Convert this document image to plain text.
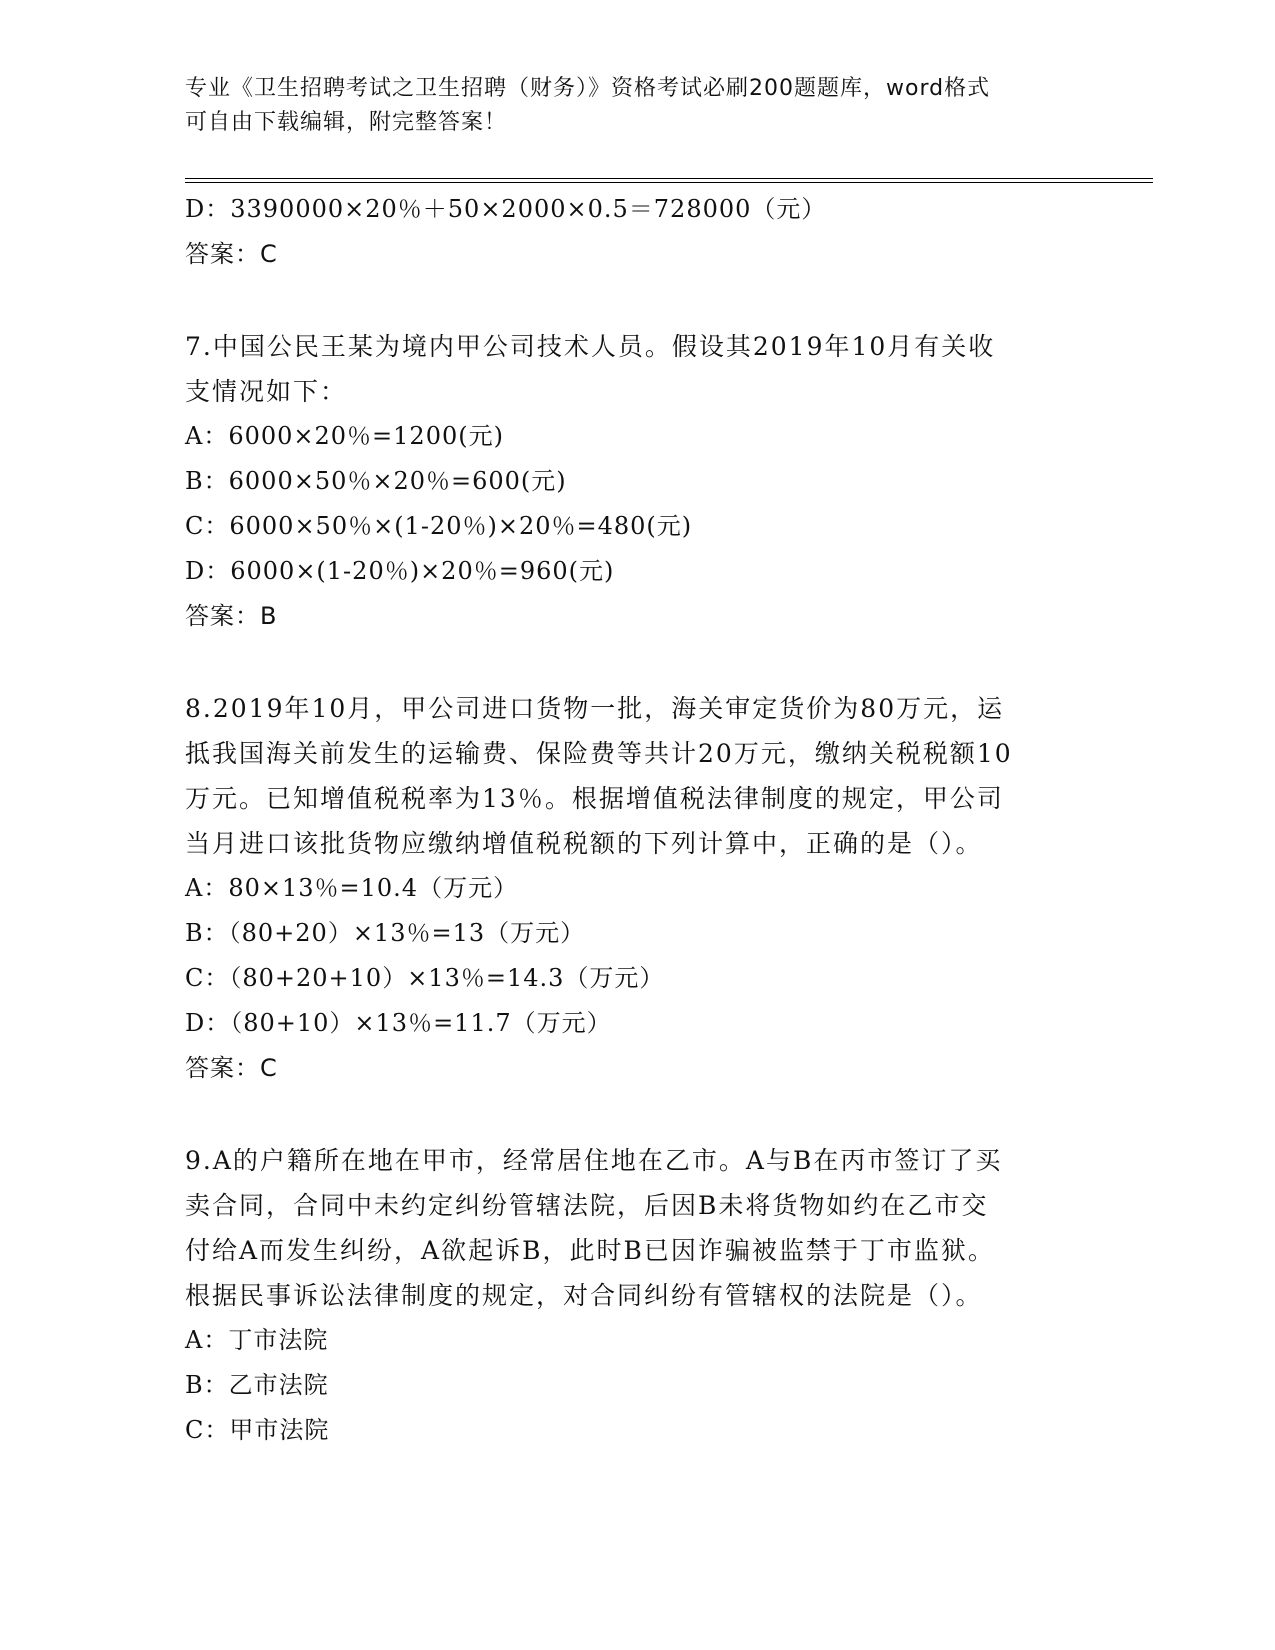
专业《卫生招聘考试之卫生招聘（财务）》资格考试必刷200题题库，word格式
可自由下载编辑，附完整答案！
D：3390000×20％＋50×2000×0.5＝728000（元）
答案：C
7.中国公民王某为境内甲公司技术人员。假设其2019年10月有关收
支情况如下：
A：6000×20％=1200(元)
B：6000×50％×20％=600(元)
C：6000×50％×(1-20％)×20％=480(元)
D：6000×(1-20％)×20％=960(元)
答案：B
8.2019年10月，甲公司进口货物一批，海关审定货价为80万元，运
抵我国海关前发生的运输费、保险费等共计20万元，缴纳关税税额10
万元。已知增值税税率为13％。根据增值税法律制度的规定，甲公司
当月进口该批货物应缴纳增值税税额的下列计算中，正确的是（）。
A：80×13％=10.4（万元）
B：（80+20）×13％=13（万元）
C：（80+20+10）×13％=14.3（万元）
D：（80+10）×13％=11.7（万元）
答案：C
9.A的户籍所在地在甲市，经常居住地在乙市。A与B在丙市签订了买
卖合同，合同中未约定纠纷管辖法院，后因B未将货物如约在乙市交
付给A而发生纠纷，A欲起诉B，此时B已因诈骗被监禁于丁市监狱。
根据民事诉讼法律制度的规定，对合同纠纷有管辖权的法院是（）。
A：丁市法院
B：乙市法院
C：甲市法院
